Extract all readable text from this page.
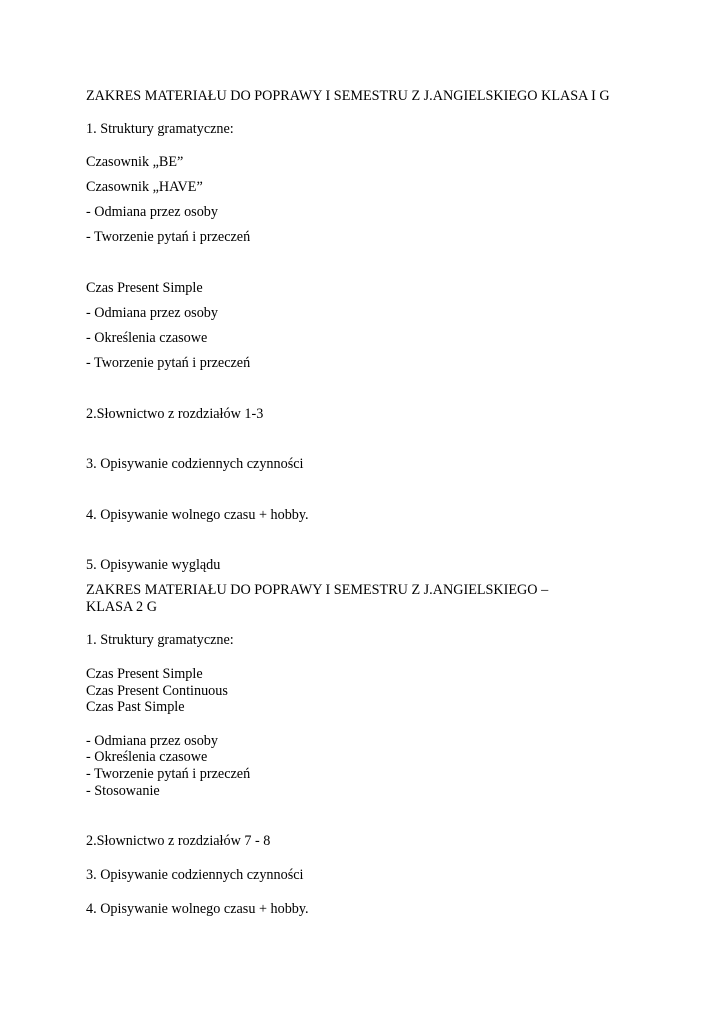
ZAKRES MATERIAŁU DO POPRAWY I SEMESTRU Z J.ANGIELSKIEGO KLASA I G
1. Struktury gramatyczne:
Czasownik „BE”
Czasownik „HAVE”
- Odmiana przez osoby
- Tworzenie pytań i przeczeń
Czas Present Simple
- Odmiana przez osoby
- Określenia czasowe
- Tworzenie pytań i przeczeń
2.Słownictwo z rozdziałów 1-3
3. Opisywanie codziennych czynności
4. Opisywanie wolnego czasu + hobby.
5. Opisywanie wyglądu
ZAKRES MATERIAŁU DO POPRAWY I SEMESTRU Z J.ANGIELSKIEGO –
KLASA 2 G
1. Struktury gramatyczne:
Czas Present Simple
Czas Present Continuous
Czas Past Simple
- Odmiana przez osoby
- Określenia czasowe
- Tworzenie pytań i przeczeń
- Stosowanie
2.Słownictwo z rozdziałów 7 - 8
3. Opisywanie codziennych czynności
4. Opisywanie wolnego czasu + hobby.
